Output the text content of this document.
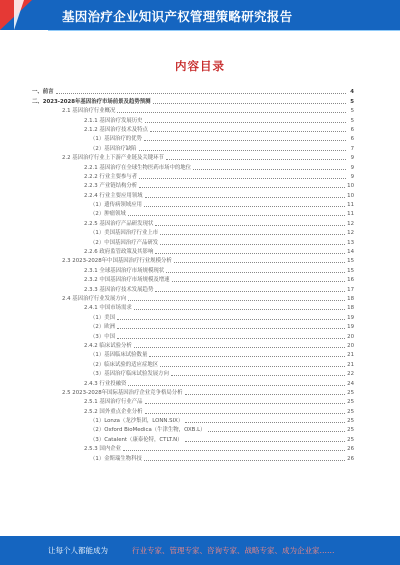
基因治疗企业知识产权管理策略研究报告
内容目录
一、前言	4
二、2023-2028年基因治疗市场前景及趋势预测	5
2.1 基因治疗行业概况	5
2.1.1 基因治疗发展历史	5
2.1.2 基因治疗技术及特点	6
（1）基因治疗的优势	6
（2）基因治疗缺陷	7
2.2 基因治疗行业上下游产业链及关键环节	9
2.2.1 基因治疗在全球生物医药市场中的地位	9
2.2.2 行业主要参与者	9
2.2.3 产业链结构分析	10
2.2.4 行业主要应用领域	10
（1）遗传病领域应用	11
（2）肿瘤领域	11
2.2.5 基因治疗产品研发现状	12
（1）美国基因治疗行业上市	12
（2）中国基因治疗产品研发	13
2.2.6 政府监管政策及其影响	14
2.3 2023-2028年中国基因治疗行业规模分析	15
2.3.1 全球基因治疗市场规模现状	15
2.3.2 中国基因治疗市场规模及增速	16
2.3.3 基因治疗技术发展趋势	17
2.4 基因治疗行业发展方向	18
2.4.1 中国市场需求	18
（1）美国	19
（2）欧洲	19
（3）中国	20
2.4.2 临床试验分析	20
（1）基因临床试验数量	21
（2）临床试验的适应症地区	21
（3）基因治疗临床试验发展方向	22
2.4.3 行业投融资	24
2.5 2023-2028年国际基因治疗企业竞争格局分析	25
2.5.1 基因治疗行业产品	25
2.5.2 国外重点企业分析	25
（1）Lonza（龙沙集团，LONN.SIX）	25
（2）Oxford BioMedica（牛津生物，OXB.L）	25
（3）Catalent（康泰伦特，CTLT.N）	25
2.5.3 国内企业	26
（1）金斯瑞生物科技	26
让每个人都能成为	行业专家、管理专家、咨询专家、战略专家、成为企业家……
